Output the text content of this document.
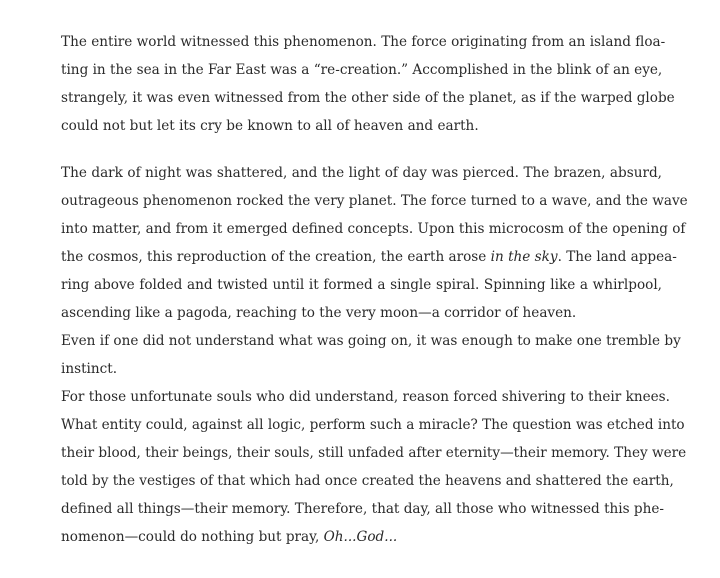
The entire world witnessed this phenomenon. The force originating from an island floa-
ting in the sea in the Far East was a “re-creation.” Accomplished in the blink of an eye,
strangely, it was even witnessed from the other side of the planet, as if the warped globe
could not but let its cry be known to all of heaven and earth.

The dark of night was shattered, and the light of day was pierced. The brazen, absurd,
outrageous phenomenon rocked the very planet. The force turned to a wave, and the wave
into matter, and from it emerged defined concepts. Upon this microcosm of the opening of
the cosmos, this reproduction of the creation, the earth arose in the sky. The land appea-
ring above folded and twisted until it formed a single spiral. Spinning like a whirlpool,
ascending like a pagoda, reaching to the very moon—a corridor of heaven.

Even if one did not understand what was going on, it was enough to make one tremble by
instinct.

For those unfortunate souls who did understand, reason forced shivering to their knees.

What entity could, against all logic, perform such a miracle? The question was etched into
their blood, their beings, their souls, still unfaded after eternity—their memory. They were
told by the vestiges of that which had once created the heavens and shattered the earth,
defined all things—their memory. Therefore, that day, all those who witnessed this phe-
nomenon—could do nothing but pray, Oh...God...
